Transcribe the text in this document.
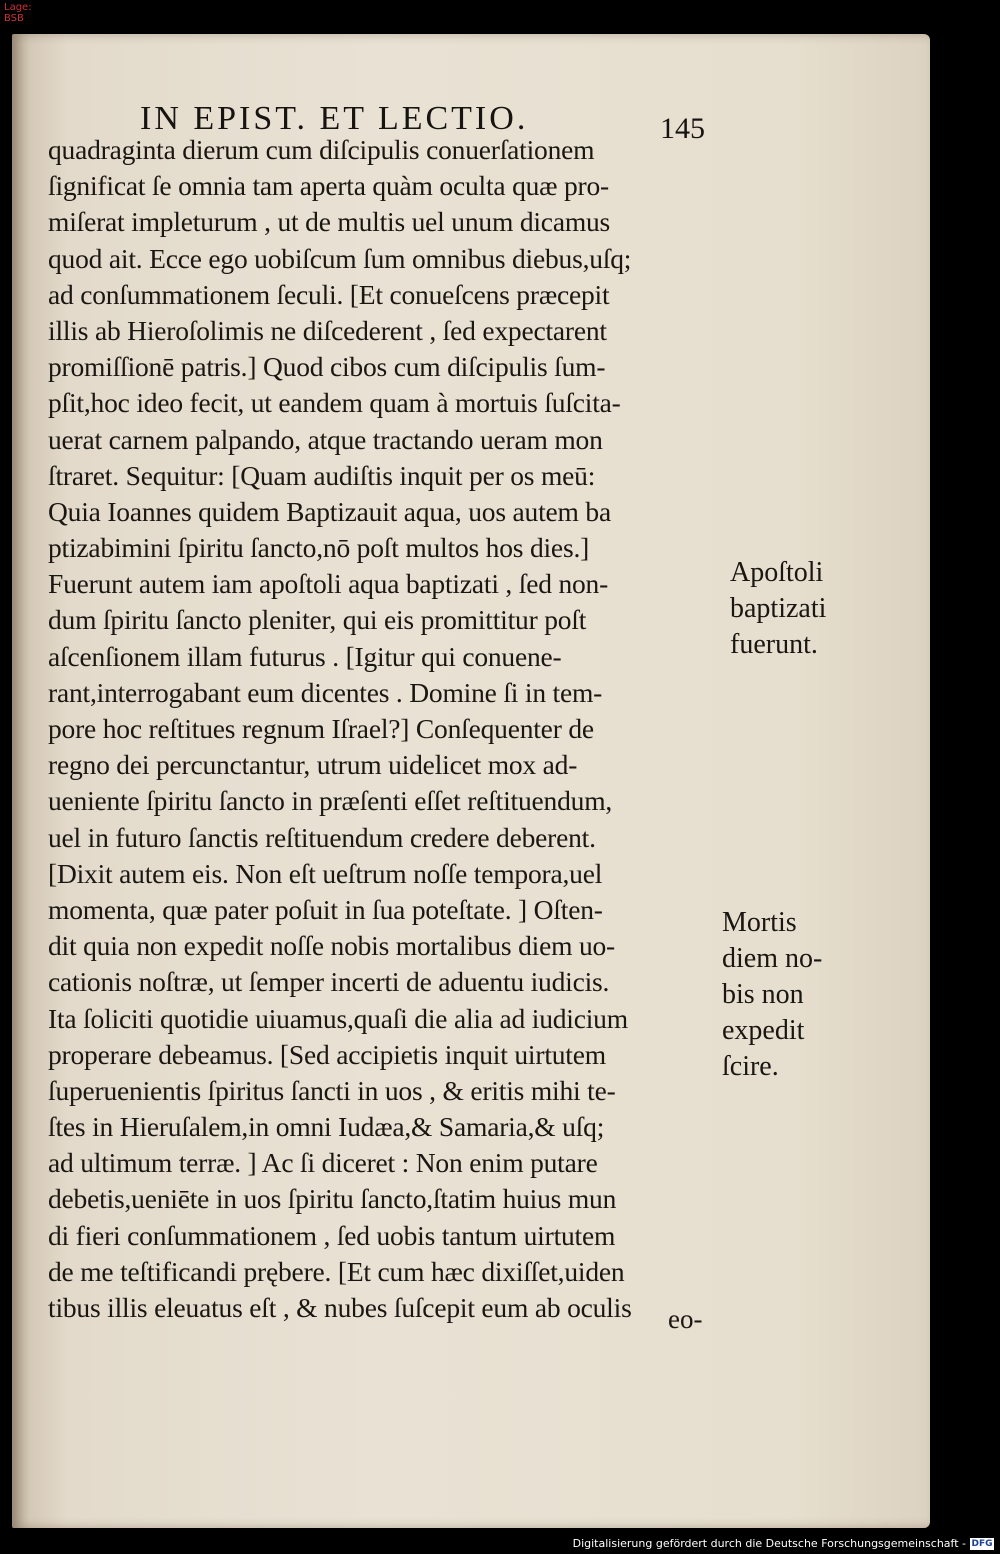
Lage:
BSB
IN EPIST. ET LECTIO.	145
quadraginta dierum cum diſcipulis conuerſationem
ſignificat ſe omnia tam aperta quàm oculta quæ pro-
miſerat impleturum , ut de multis uel unum dicamus
quod ait. Ecce ego uobiſcum ſum omnibus diebus,uſq;
ad conſummationem ſeculi. [Et conueſcens præcepit
illis ab Hieroſolimis ne diſcederent , ſed expectarent
promiſſionē patris.] Quod cibos cum diſcipulis ſum-
pſit,hoc ideo fecit, ut eandem quam à mortuis ſuſcita-
uerat carnem palpando, atque tractando ueram mon
ſtraret. Sequitur: [Quam audiſtis inquit per os meū:
Quia Ioannes quidem Baptizauit aqua, uos autem ba
ptizabimini ſpiritu ſancto,nō poſt multos hos dies.]
Fuerunt autem iam apoſtoli aqua baptizati , ſed non-
dum ſpiritu ſancto pleniter, qui eis promittitur poſt
aſcenſionem illam futurus . [Igitur qui conuene-
rant,interrogabant eum dicentes . Domine ſi in tem-
pore hoc reſtitues regnum Iſrael?] Conſequenter de
regno dei percunctantur, utrum uidelicet mox ad-
ueniente ſpiritu ſancto in præſenti eſſet reſtituendum,
uel in futuro ſanctis reſtituendum credere deberent.
[Dixit autem eis. Non eſt ueſtrum noſſe tempora,uel
momenta, quæ pater poſuit in ſua poteſtate. ] Oſten-
dit quia non expedit noſſe nobis mortalibus diem uo-
cationis noſtræ, ut ſemper incerti de aduentu iudicis.
Ita ſoliciti quotidie uiuamus,quaſi die alia ad iudicium
properare debeamus. [Sed accipietis inquit uirtutem
ſuperuenientis ſpiritus ſancti in uos , & eritis mihi te-
ſtes in Hieruſalem,in omni Iudæa,& Samaria,& uſq;
ad ultimum terræ. ] Ac ſi diceret : Non enim putare
debetis,ueniēte in uos ſpiritu ſancto,ſtatim huius mun
di fieri conſummationem , ſed uobis tantum uirtutem
de me teſtificandi prębere. [Et cum hæc dixiſſet,uiden
tibus illis eleuatus eſt , & nubes ſuſcepit eum ab oculis	eo-
Apoſtoli
baptizati
fuerunt.
Mortis
diem no-
bis non
expedit
ſcire.
Digitalisierung gefördert durch die Deutsche Forschungsgemeinschaft - DFG
